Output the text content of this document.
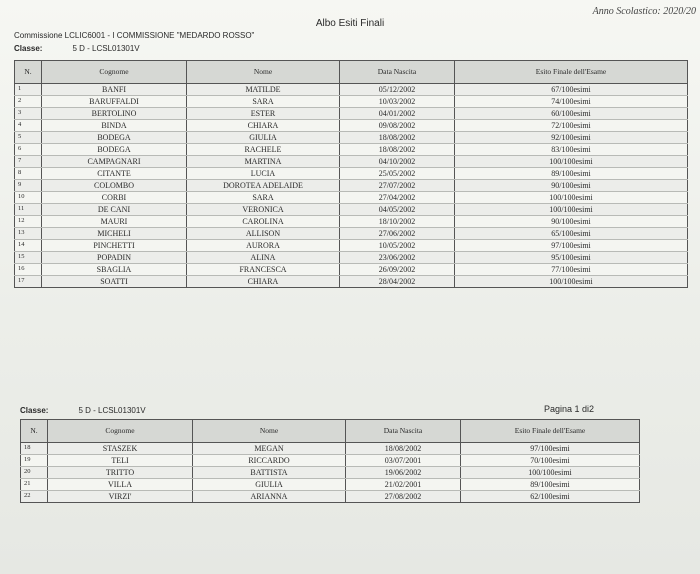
Anno Scolastico: 2020/20
Albo Esiti Finali
Commissione LCLIC6001 - I COMMISSIONE "MEDARDO ROSSO"
Classe:	5 D - LCSL01301V
N.	Cognome	Nome	Data Nascita	Esito Finale dell'Esame
1	BANFI	MATILDE	05/12/2002	67/100esimi
2	BARUFFALDI	SARA	10/03/2002	74/100esimi
3	BERTOLINO	ESTER	04/01/2002	60/100esimi
4	BINDA	CHIARA	09/08/2002	72/100esimi
5	BODEGA	GIULIA	18/08/2002	92/100esimi
6	BODEGA	RACHELE	18/08/2002	83/100esimi
7	CAMPAGNARI	MARTINA	04/10/2002	100/100esimi
8	CITANTE	LUCIA	25/05/2002	89/100esimi
9	COLOMBO	DOROTEA ADELAIDE	27/07/2002	90/100esimi
10	CORBI	SARA	27/04/2002	100/100esimi
11	DE CANI	VERONICA	04/05/2002	100/100esimi
12	MAURI	CAROLINA	18/10/2002	90/100esimi
13	MICHELI	ALLISON	27/06/2002	65/100esimi
14	PINCHETTI	AURORA	10/05/2002	97/100esimi
15	POPADIN	ALINA	23/06/2002	95/100esimi
16	SBAGLIA	FRANCESCA	26/09/2002	77/100esimi
17	SOATTI	CHIARA	28/04/2002	100/100esimi
Pagina 1 di2
Classe:	5 D - LCSL01301V
N.	Cognome	Nome	Data Nascita	Esito Finale dell'Esame
18	STASZEK	MEGAN	18/08/2002	97/100esimi
19	TELI	RICCARDO	03/07/2001	70/100esimi
20	TRITTO	BATTISTA	19/06/2002	100/100esimi
21	VILLA	GIULIA	21/02/2001	89/100esimi
22	VIRZI'	ARIANNA	27/08/2002	62/100esimi
